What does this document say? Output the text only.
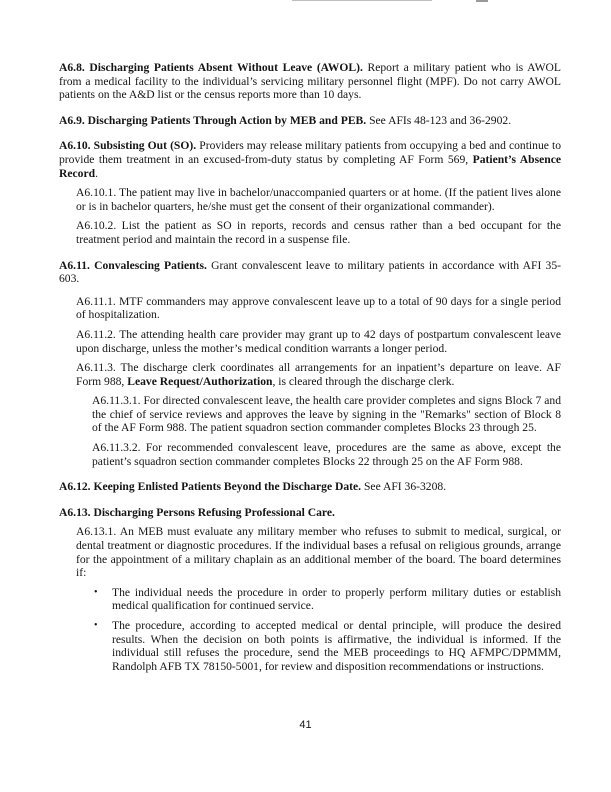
A6.8. Discharging Patients Absent Without Leave (AWOL). Report a military patient who is AWOL from a medical facility to the individual’s servicing military personnel flight (MPF). Do not carry AWOL patients on the A&D list or the census reports more than 10 days.

A6.9. Discharging Patients Through Action by MEB and PEB. See AFIs 48-123 and 36-2902.

A6.10. Subsisting Out (SO). Providers may release military patients from occupying a bed and continue to provide them treatment in an excused-from-duty status by completing AF Form 569, Patient’s Absence Record.

A6.10.1. The patient may live in bachelor/unaccompanied quarters or at home. (If the patient lives alone or is in bachelor quarters, he/she must get the consent of their organizational commander).

A6.10.2. List the patient as SO in reports, records and census rather than a bed occupant for the treatment period and maintain the record in a suspense file.

A6.11. Convalescing Patients. Grant convalescent leave to military patients in accordance with AFI 35-603.

A6.11.1. MTF commanders may approve convalescent leave up to a total of 90 days for a single period of hospitalization.

A6.11.2. The attending health care provider may grant up to 42 days of postpartum convalescent leave upon discharge, unless the mother’s medical condition warrants a longer period.

A6.11.3. The discharge clerk coordinates all arrangements for an inpatient’s departure on leave. AF Form 988, Leave Request/Authorization, is cleared through the discharge clerk.

A6.11.3.1. For directed convalescent leave, the health care provider completes and signs Block 7 and the chief of service reviews and approves the leave by signing in the "Remarks" section of Block 8 of the AF Form 988. The patient squadron section commander completes Blocks 23 through 25.

A6.11.3.2. For recommended convalescent leave, procedures are the same as above, except the patient’s squadron section commander completes Blocks 22 through 25 on the AF Form 988.

A6.12. Keeping Enlisted Patients Beyond the Discharge Date. See AFI 36-3208.

A6.13. Discharging Persons Refusing Professional Care.

A6.13.1. An MEB must evaluate any military member who refuses to submit to medical, surgical, or dental treatment or diagnostic procedures. If the individual bases a refusal on religious grounds, arrange for the appointment of a military chaplain as an additional member of the board. The board determines if:

• The individual needs the procedure in order to properly perform military duties or establish medical qualification for continued service.
• The procedure, according to accepted medical or dental principle, will produce the desired results. When the decision on both points is affirmative, the individual is informed. If the individual still refuses the procedure, send the MEB proceedings to HQ AFMPC/DPMMM, Randolph AFB TX 78150-5001, for review and disposition recommendations or instructions.
41
